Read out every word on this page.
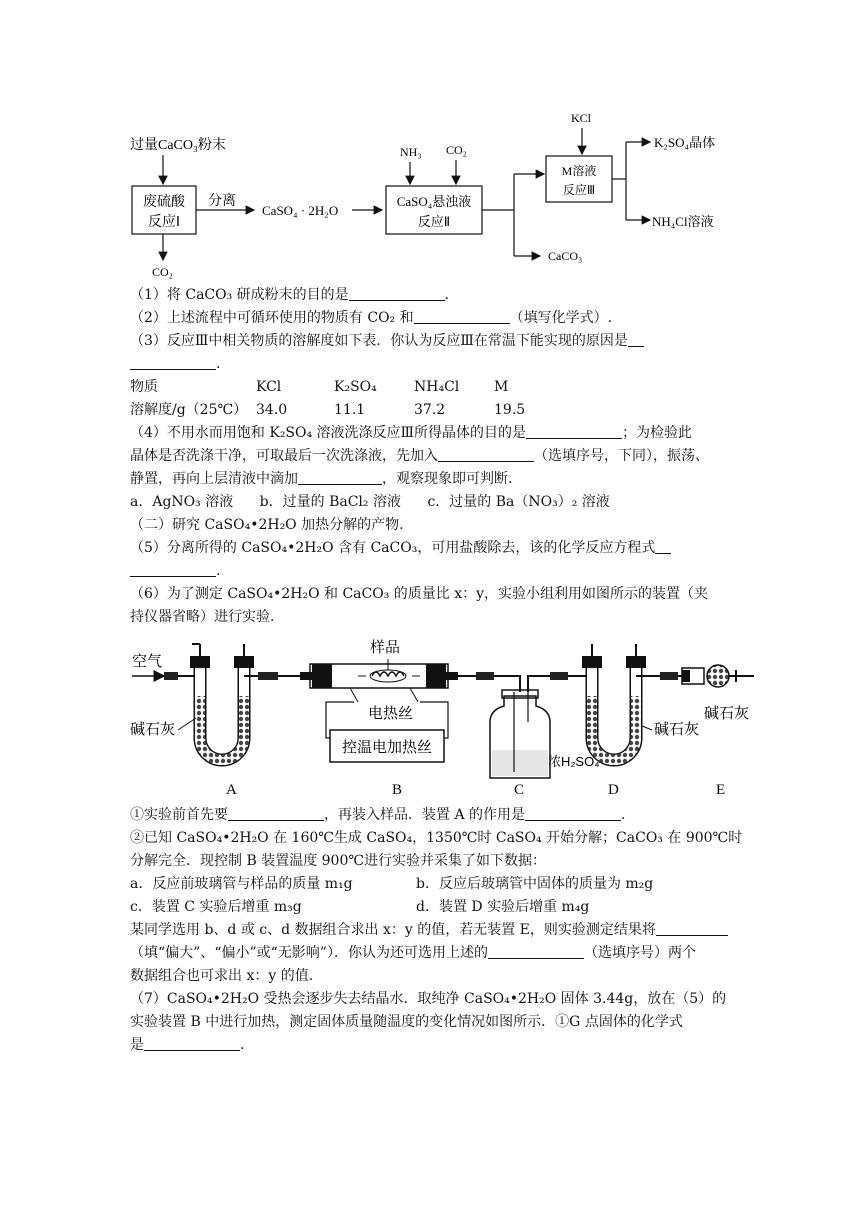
过量CaCO₃粉末
废硫酸
反应Ⅰ
CO₂
分离
CaSO₄ · 2H₂O
NH₃ CO₂
CaSO₄悬浊液
反应Ⅱ
CaCO₃
KCl
M溶液
反应Ⅲ
K₂SO₄晶体
NH₄Cl溶液
（1）将 CaCO₃ 研成粉末的目的是	.
（2）上述流程中可循环使用的物质有 CO₂ 和	（填写化学式）.
（3）反应Ⅲ中相关物质的溶解度如下表．你认为反应Ⅲ在常温下能实现的原因是
.
物质	KCl	K₂SO₄	NH₄Cl	M
溶解度/g（25℃） 34.0	11.1	37.2	19.5
（4）不用水而用饱和 K₂SO₄ 溶液洗涤反应Ⅲ所得晶体的目的是	；为检验此
晶体是否洗涤干净，可取最后一次洗涤液，先加入	（选填序号，下同），振荡、
静置，再向上层清液中滴加	，观察现象即可判断.
a．AgNO₃ 溶液 b．过量的 BaCl₂ 溶液 c．过量的 Ba（NO₃）₂ 溶液
（二）研究 CaSO₄•2H₂O 加热分解的产物.
（5）分离所得的 CaSO₄•2H₂O 含有 CaCO₃，可用盐酸除去，该的化学反应方程式
.
（6）为了测定 CaSO₄•2H₂O 和 CaCO₃ 的质量比 x：y，实验小组利用如图所示的装置（夹
持仪器省略）进行实验.
空气
碱石灰
样品
电热丝
控温电加热丝
浓H₂SO₄
碱石灰
碱石灰
A	B	C	D	E
①实验前首先要	，再装入样品．装置 A 的作用是	.
②已知 CaSO₄•2H₂O 在 160℃生成 CaSO₄，1350℃时 CaSO₄ 开始分解；CaCO₃ 在 900℃时
分解完全．现控制 B 装置温度 900℃进行实验并采集了如下数据：
a．反应前玻璃管与样品的质量 m₁g	b．反应后玻璃管中固体的质量为 m₂g
c．装置 C 实验后增重 m₃g	d．装置 D 实验后增重 m₄g
某同学选用 b、d 或 c、d 数据组合求出 x：y 的值，若无装置 E，则实验测定结果将
（填“偏大”、“偏小”或“无影响”）．你认为还可选用上述的	（选填序号）两个
数据组合也可求出 x：y 的值.
（7）CaSO₄•2H₂O 受热会逐步失去结晶水．取纯净 CaSO₄•2H₂O 固体 3.44g，放在（5）的
实验装置 B 中进行加热，测定固体质量随温度的变化情况如图所示．①G 点固体的化学式
是	.
